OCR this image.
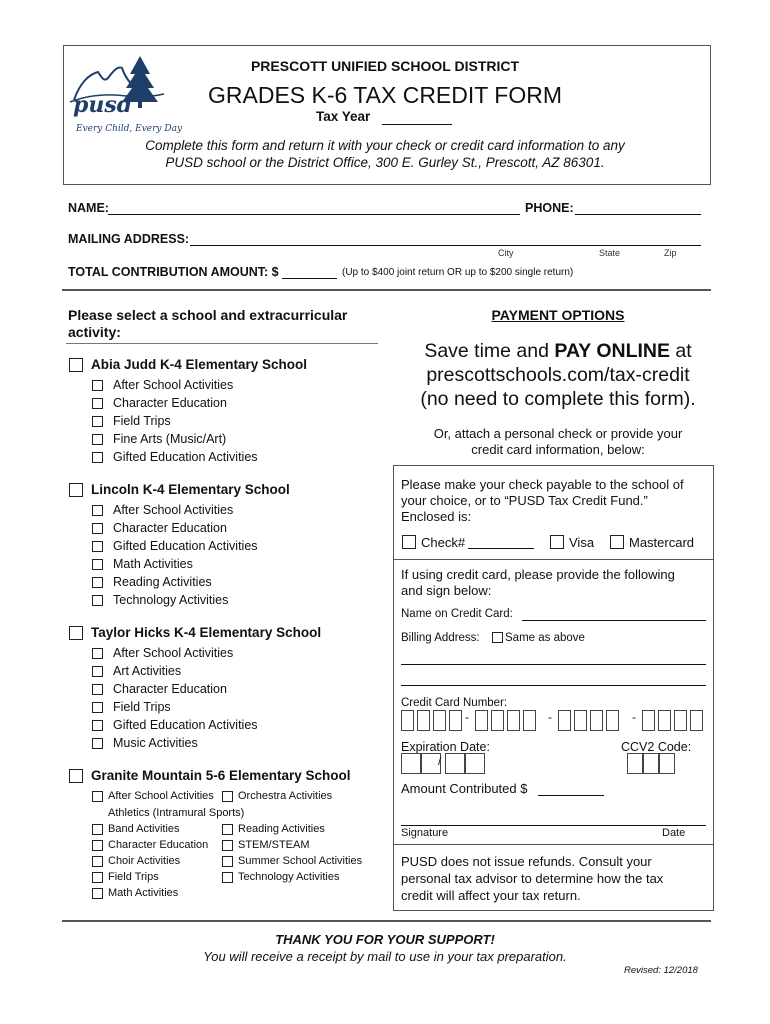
pusd
Every Child, Every Day
PRESCOTT UNIFIED SCHOOL DISTRICT
GRADES K-6 TAX CREDIT FORM
Tax Year
Complete this form and return it with your check or credit card information to any
PUSD school or the District Office, 300 E. Gurley St., Prescott, AZ 86301.
NAME:	PHONE:
MAILING ADDRESS:
City	State	Zip
TOTAL CONTRIBUTION AMOUNT: $	(Up to $400 joint return OR up to $200 single return)
Please select a school and extracurricular
activity:
Abia Judd K-4 Elementary School
After School Activities
Character Education
Field Trips
Fine Arts (Music/Art)
Gifted Education Activities
Lincoln K-4 Elementary School
After School Activities
Character Education
Gifted Education Activities
Math Activities
Reading Activities
Technology Activities
Taylor Hicks K-4 Elementary School
After School Activities
Art Activities
Character Education
Field Trips
Gifted Education Activities
Music Activities
Granite Mountain 5-6 Elementary School
After School Activities
Athletics (Intramural Sports)
Band Activities
Character Education
Choir Activities
Field Trips
Math Activities
Orchestra Activities
Reading Activities
STEM/STEAM
Summer School Activities
Technology Activities
PAYMENT OPTIONS
Save time and PAY ONLINE at
prescottschools.com/tax-credit
(no need to complete this form).
Or, attach a personal check or provide your
credit card information, below:
Please make your check payable to the school of
your choice, or to “PUSD Tax Credit Fund.”
Enclosed is:
Check#	Visa	Mastercard
If using credit card, please provide the following
and sign below:
Name on Credit Card:
Billing Address: Same as above
Credit Card Number:
-	-	-
Expiration Date:
/
CCV2 Code:
Amount Contributed $
Signature	Date
PUSD does not issue refunds. Consult your
personal tax advisor to determine how the tax
credit will affect your tax return.
THANK YOU FOR YOUR SUPPORT!
You will receive a receipt by mail to use in your tax preparation.
Revised: 12/2018
